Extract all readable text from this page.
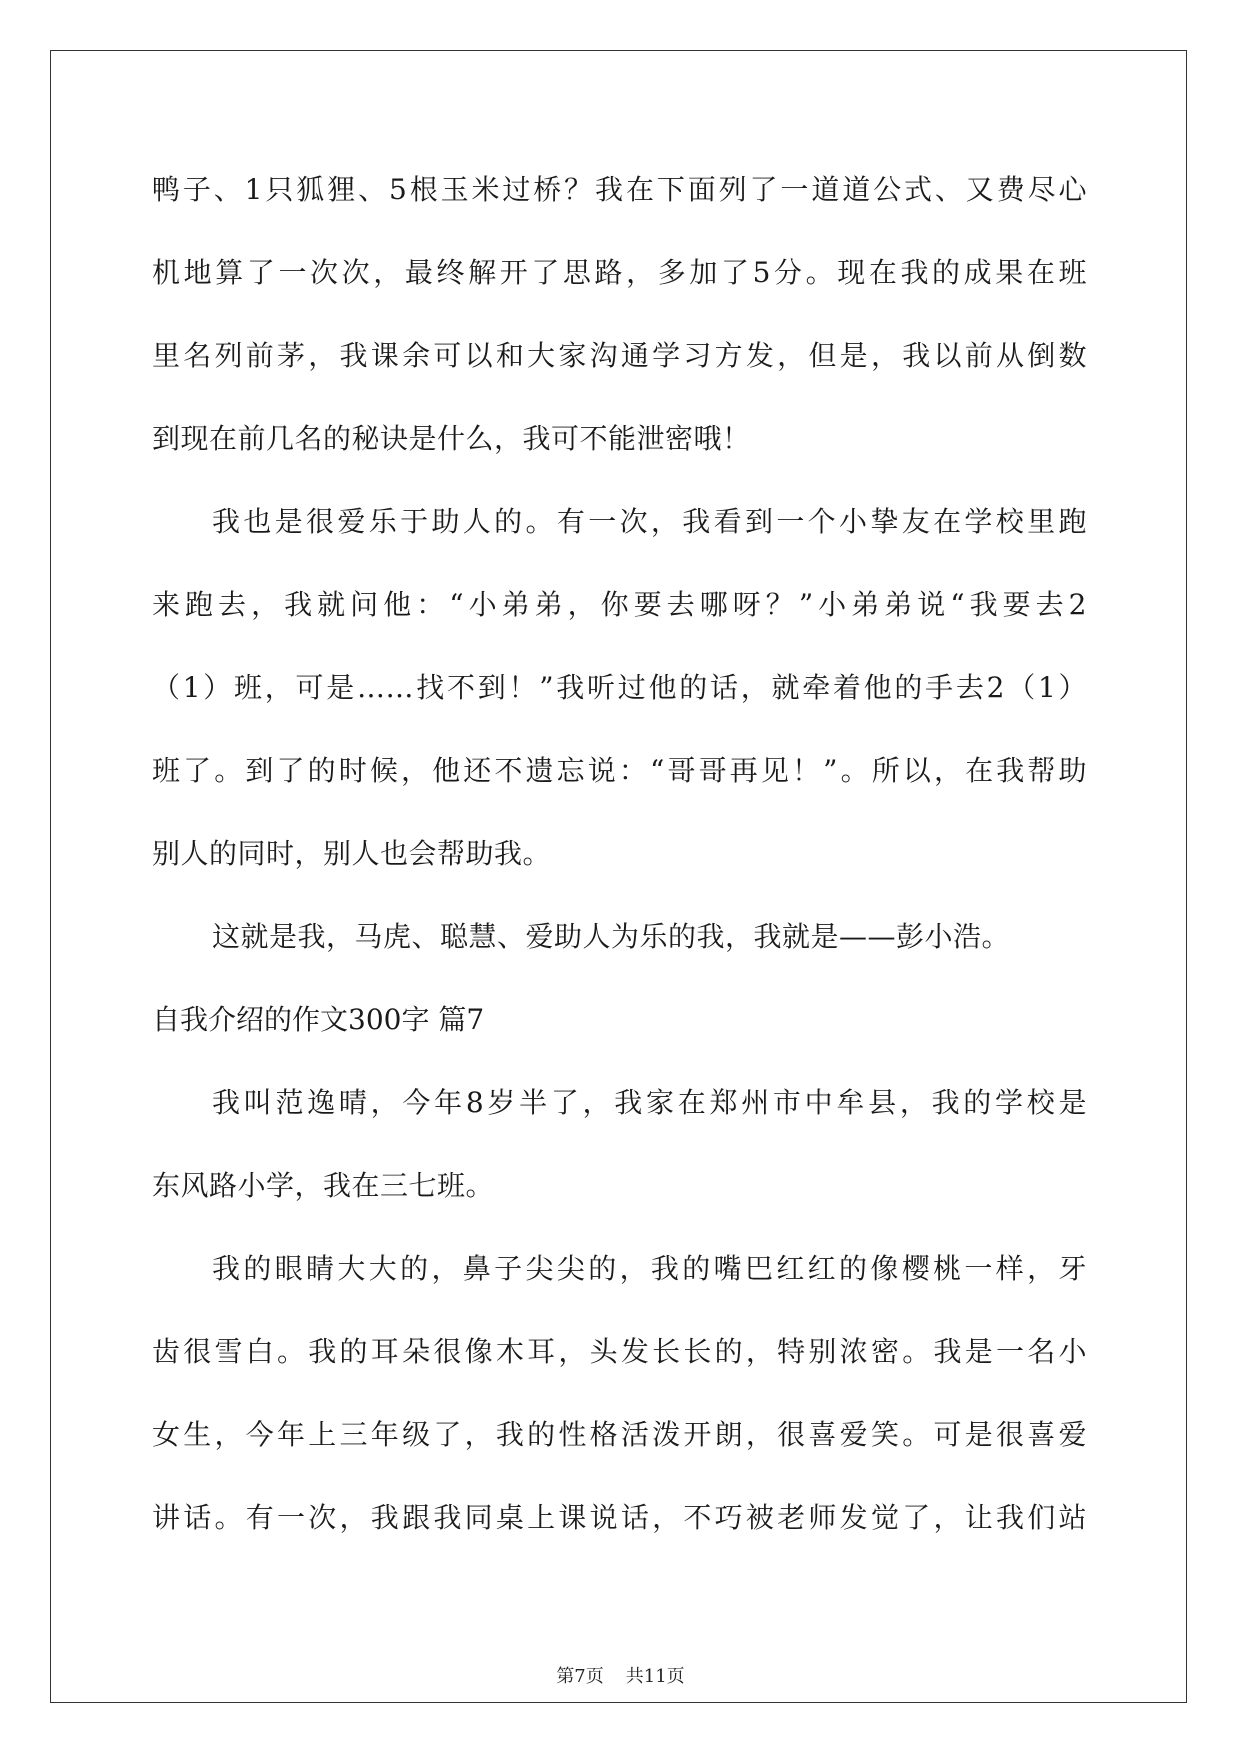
鸭子、1只狐狸、5根玉米过桥？我在下面列了一道道公式、又费尽心
机地算了一次次，最终解开了思路，多加了5分。现在我的成果在班
里名列前茅，我课余可以和大家沟通学习方发，但是，我以前从倒数
到现在前几名的秘诀是什么，我可不能泄密哦！
我也是很爱乐于助人的。有一次，我看到一个小挚友在学校里跑
来跑去，我就问他：“小弟弟，你要去哪呀？”小弟弟说“我要去2
（1）班，可是……找不到！”我听过他的话，就牵着他的手去2（1）
班了。到了的时候，他还不遗忘说：“哥哥再见！”。所以，在我帮助
别人的同时，别人也会帮助我。
这就是我，马虎、聪慧、爱助人为乐的我，我就是——彭小浩。
自我介绍的作文300字 篇7
我叫范逸晴，今年8岁半了，我家在郑州市中牟县，我的学校是
东风路小学，我在三七班。
我的眼睛大大的，鼻子尖尖的，我的嘴巴红红的像樱桃一样，牙
齿很雪白。我的耳朵很像木耳，头发长长的，特别浓密。我是一名小
女生，今年上三年级了，我的性格活泼开朗，很喜爱笑。可是很喜爱
讲话。有一次，我跟我同桌上课说话，不巧被老师发觉了，让我们站
第7页 共11页
